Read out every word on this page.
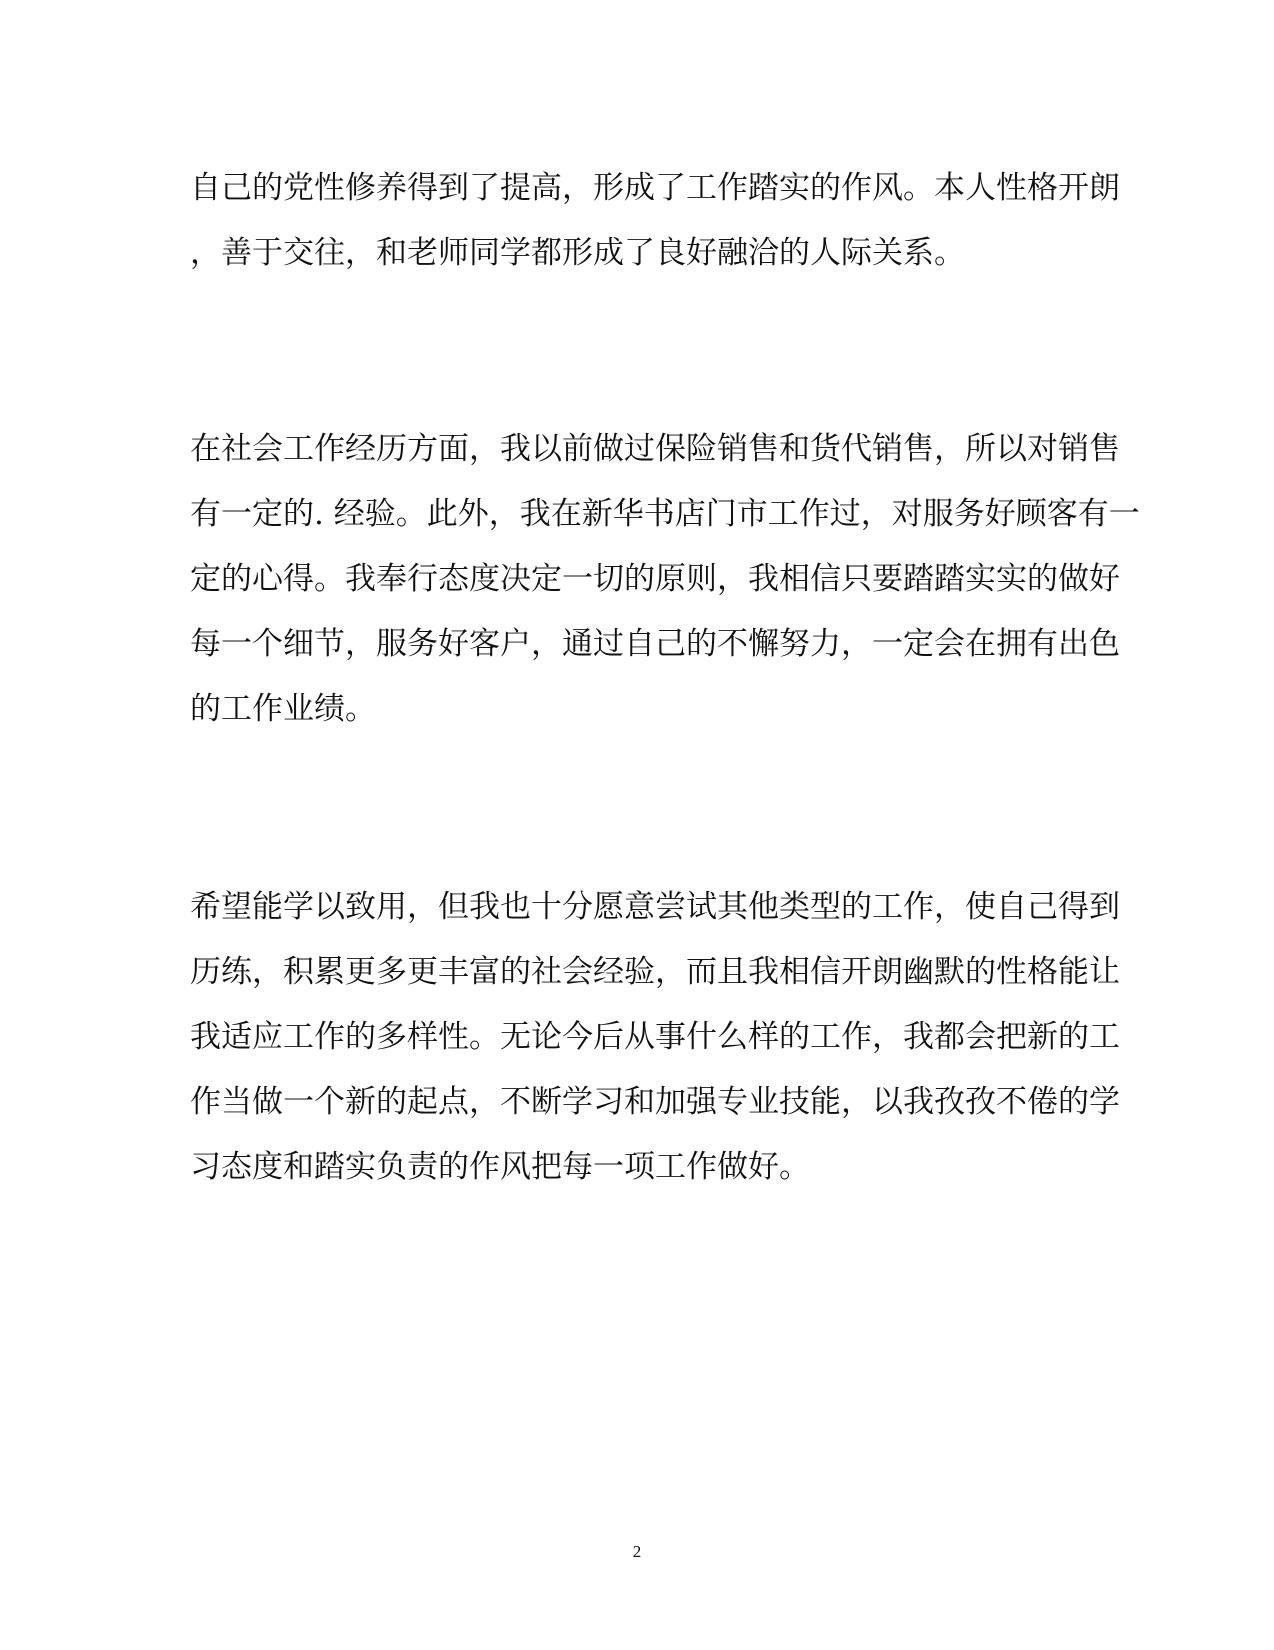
自己的党性修养得到了提高，形成了工作踏实的作风。本人性格开朗
，善于交往，和老师同学都形成了良好融洽的人际关系。
在社会工作经历方面，我以前做过保险销售和货代销售，所以对销售
有一定的. 经验。此外，我在新华书店门市工作过，对服务好顾客有一
定的心得。我奉行态度决定一切的原则，我相信只要踏踏实实的做好
每一个细节，服务好客户，通过自己的不懈努力，一定会在拥有出色
的工作业绩。
希望能学以致用，但我也十分愿意尝试其他类型的工作，使自己得到
历练，积累更多更丰富的社会经验，而且我相信开朗幽默的性格能让
我适应工作的多样性。无论今后从事什么样的工作，我都会把新的工
作当做一个新的起点，不断学习和加强专业技能，以我孜孜不倦的学
习态度和踏实负责的作风把每一项工作做好。
2
